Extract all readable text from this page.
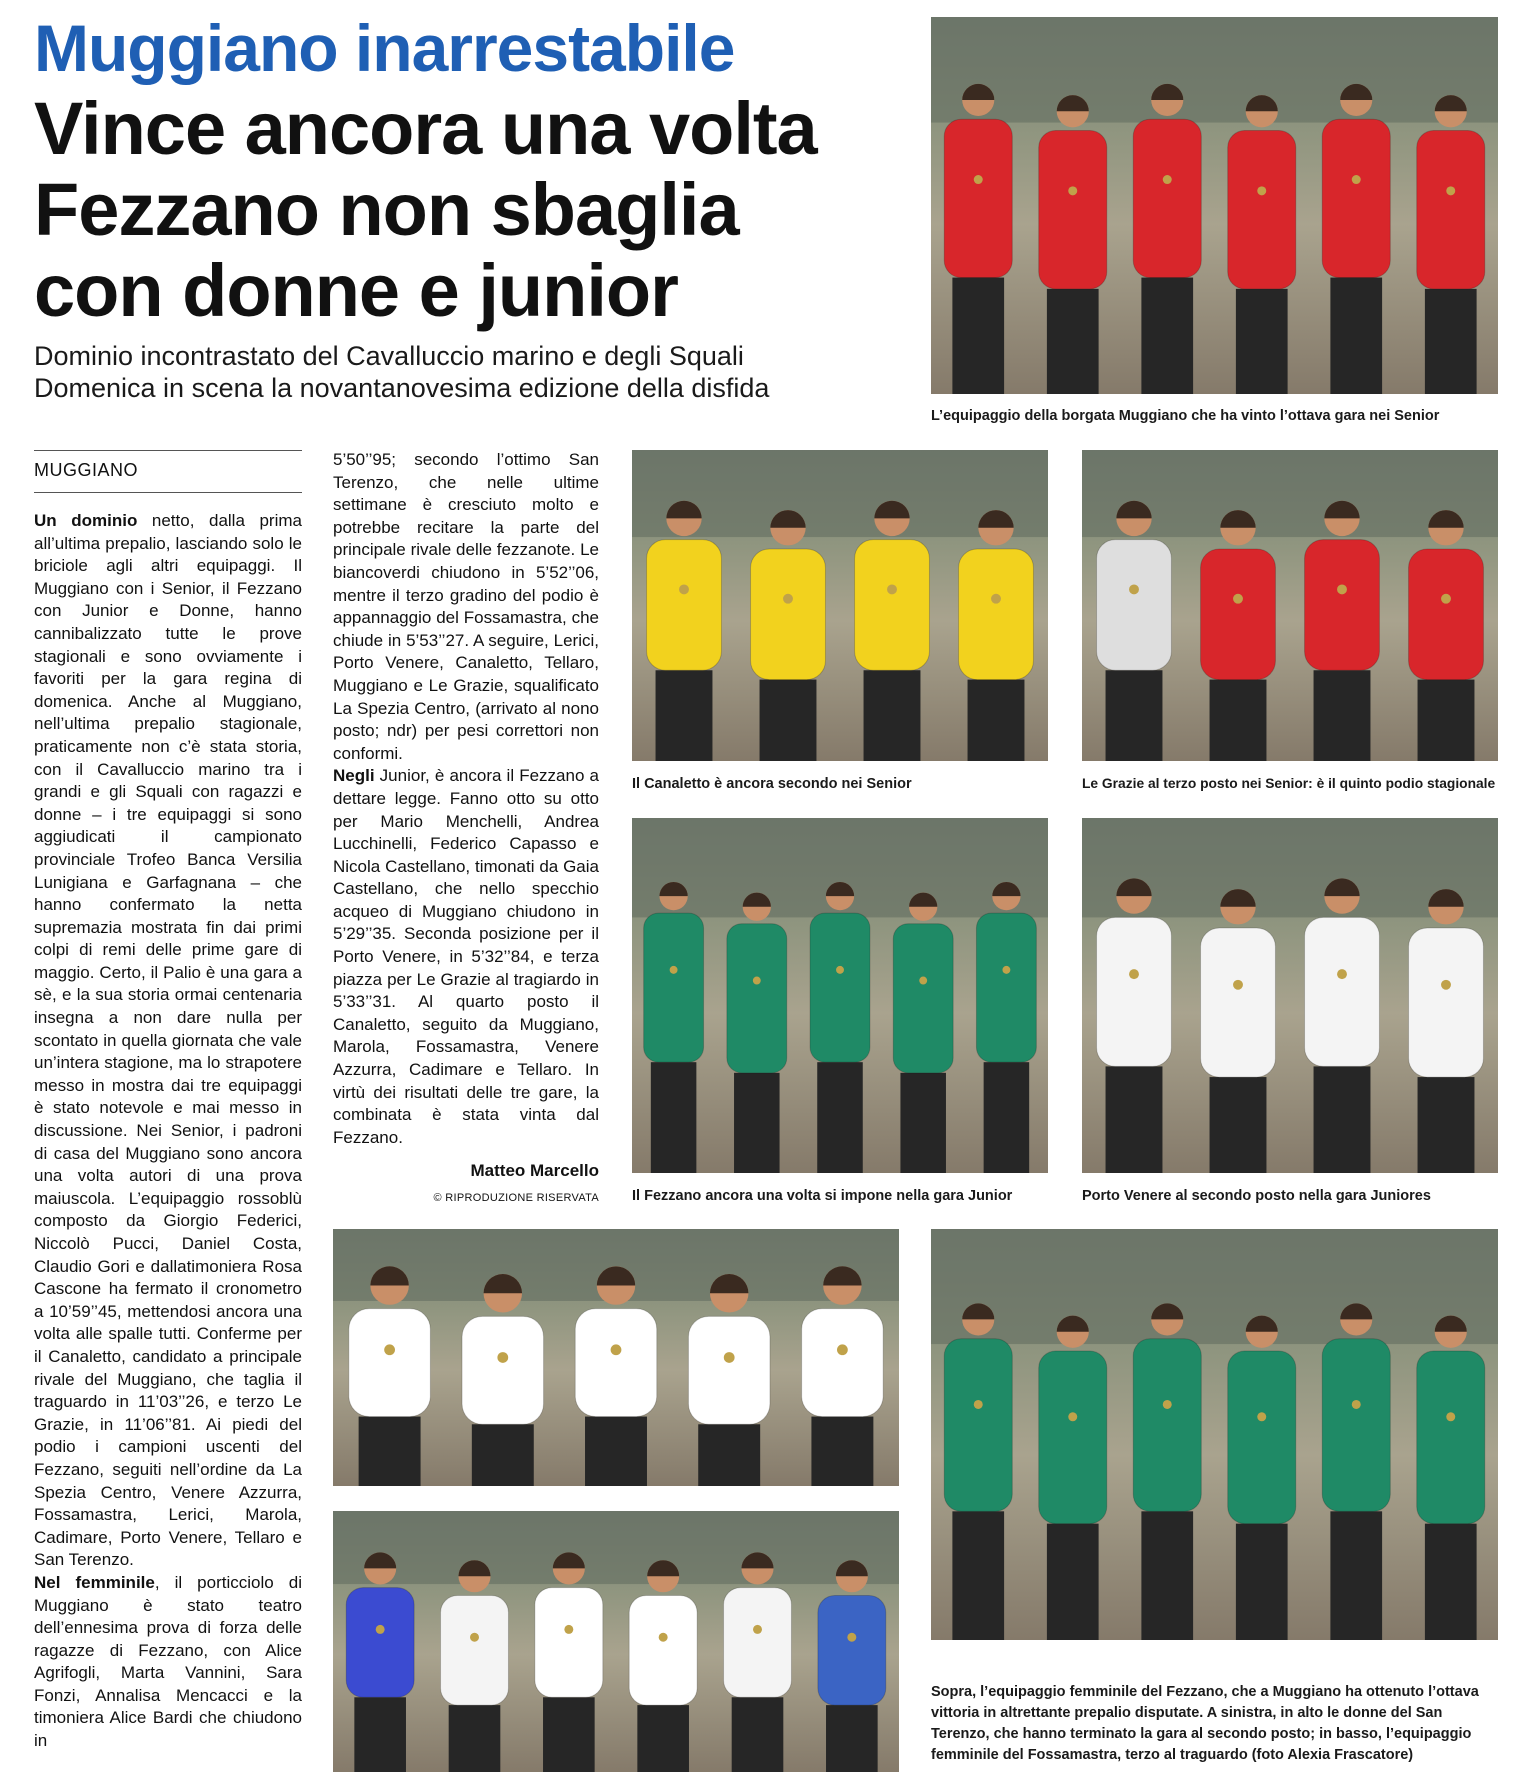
Muggiano inarrestabile
Vince ancora una volta
Fezzano non sbaglia
con donne e junior
Dominio incontrastato del Cavalluccio marino e degli Squali
Domenica in scena la novantanovesima edizione della disfida
MUGGIANO

Un dominio netto, dalla prima all’ultima prepalio, lasciando solo le briciole agli altri equipaggi. Il Muggiano con i Senior, il Fezzano con Junior e Donne, hanno cannibalizzato tutte le prove stagionali e sono ovviamente i favoriti per la gara regina di domenica. Anche al Muggiano, nell’ultima prepalio stagionale, praticamente non c’è stata storia, con il Cavalluccio marino tra i grandi e gli Squali con ragazzi e donne – i tre equipaggi si sono aggiudicati il campionato provinciale Trofeo Banca Versilia Lunigiana e Garfagnana – che hanno confermato la netta supremazia mostrata fin dai primi colpi di remi delle prime gare di maggio. Certo, il Palio è una gara a sè, e la sua storia ormai centenaria insegna a non dare nulla per scontato in quella giornata che vale un’intera stagione, ma lo strapotere messo in mostra dai tre equipaggi è stato notevole e mai messo in discussione. Nei Senior, i padroni di casa del Muggiano sono ancora una volta autori di una prova maiuscola. L’equipaggio rossoblù composto da Giorgio Federici, Niccolò Pucci, Daniel Costa, Claudio Gori e dallatimoniera Rosa Cascone ha fermato il cronometro a 10’59’’45, mettendosi ancora una volta alle spalle tutti. Conferme per il Canaletto, candidato a principale rivale del Muggiano, che taglia il traguardo in 11’03’’26, e terzo Le Grazie, in 11’06’’81. Ai piedi del podio i campioni uscenti del Fezzano, seguiti nell’ordine da La Spezia Centro, Venere Azzurra, Fossamastra, Lerici, Marola, Cadimare, Porto Venere, Tellaro e San Terenzo.

Nel femminile, il porticciolo di Muggiano è stato teatro dell’ennesima prova di forza delle ragazze di Fezzano, con Alice Agrifogli, Marta Vannini, Sara Fonzi, Annalisa Mencacci e la timoniera Alice Bardi che chiudono in

5’50’’95; secondo l’ottimo San Terenzo, che nelle ultime settimane è cresciuto molto e potrebbe recitare la parte del principale rivale delle fezzanote. Le biancoverdi chiudono in 5’52’’06, mentre il terzo gradino del podio è appannaggio del Fossamastra, che chiude in 5’53’’27. A seguire, Lerici, Porto Venere, Canaletto, Tellaro, Muggiano e Le Grazie, squalificato La Spezia Centro, (arrivato al nono posto; ndr) per pesi correttori non conformi.

Negli Junior, è ancora il Fezzano a dettare legge. Fanno otto su otto per Mario Menchelli, Andrea Lucchinelli, Federico Capasso e Nicola Castellano, timonati da Gaia Castellano, che nello specchio acqueo di Muggiano chiudono in 5’29’’35. Seconda posizione per il Porto Venere, in 5’32’’84, e terza piazza per Le Grazie al tragiardo in 5’33’’31. Al quarto posto il Canaletto, seguito da Muggiano, Marola, Fossamastra, Venere Azzurra, Cadimare e Tellaro. In virtù dei risultati delle tre gare, la combinata è stata vinta dal Fezzano.

Matteo Marcello
© RIPRODUZIONE RISERVATA
L’equipaggio della borgata Muggiano che ha vinto l’ottava gara nei Senior
Il Canaletto è ancora secondo nei Senior	Le Grazie al terzo posto nei Senior: è il quinto podio stagionale
Il Fezzano ancora una volta si impone nella gara Junior	Porto Venere al secondo posto nella gara Juniores
Sopra, l’equipaggio femminile del Fezzano, che a Muggiano ha ottenuto l’ottava
vittoria in altrettante prepalio disputate. A sinistra, in alto le donne del San
Terenzo, che hanno terminato la gara al secondo posto; in basso, l’equipaggio
femminile del Fossamastra, terzo al traguardo (foto Alexia Frascatore)
